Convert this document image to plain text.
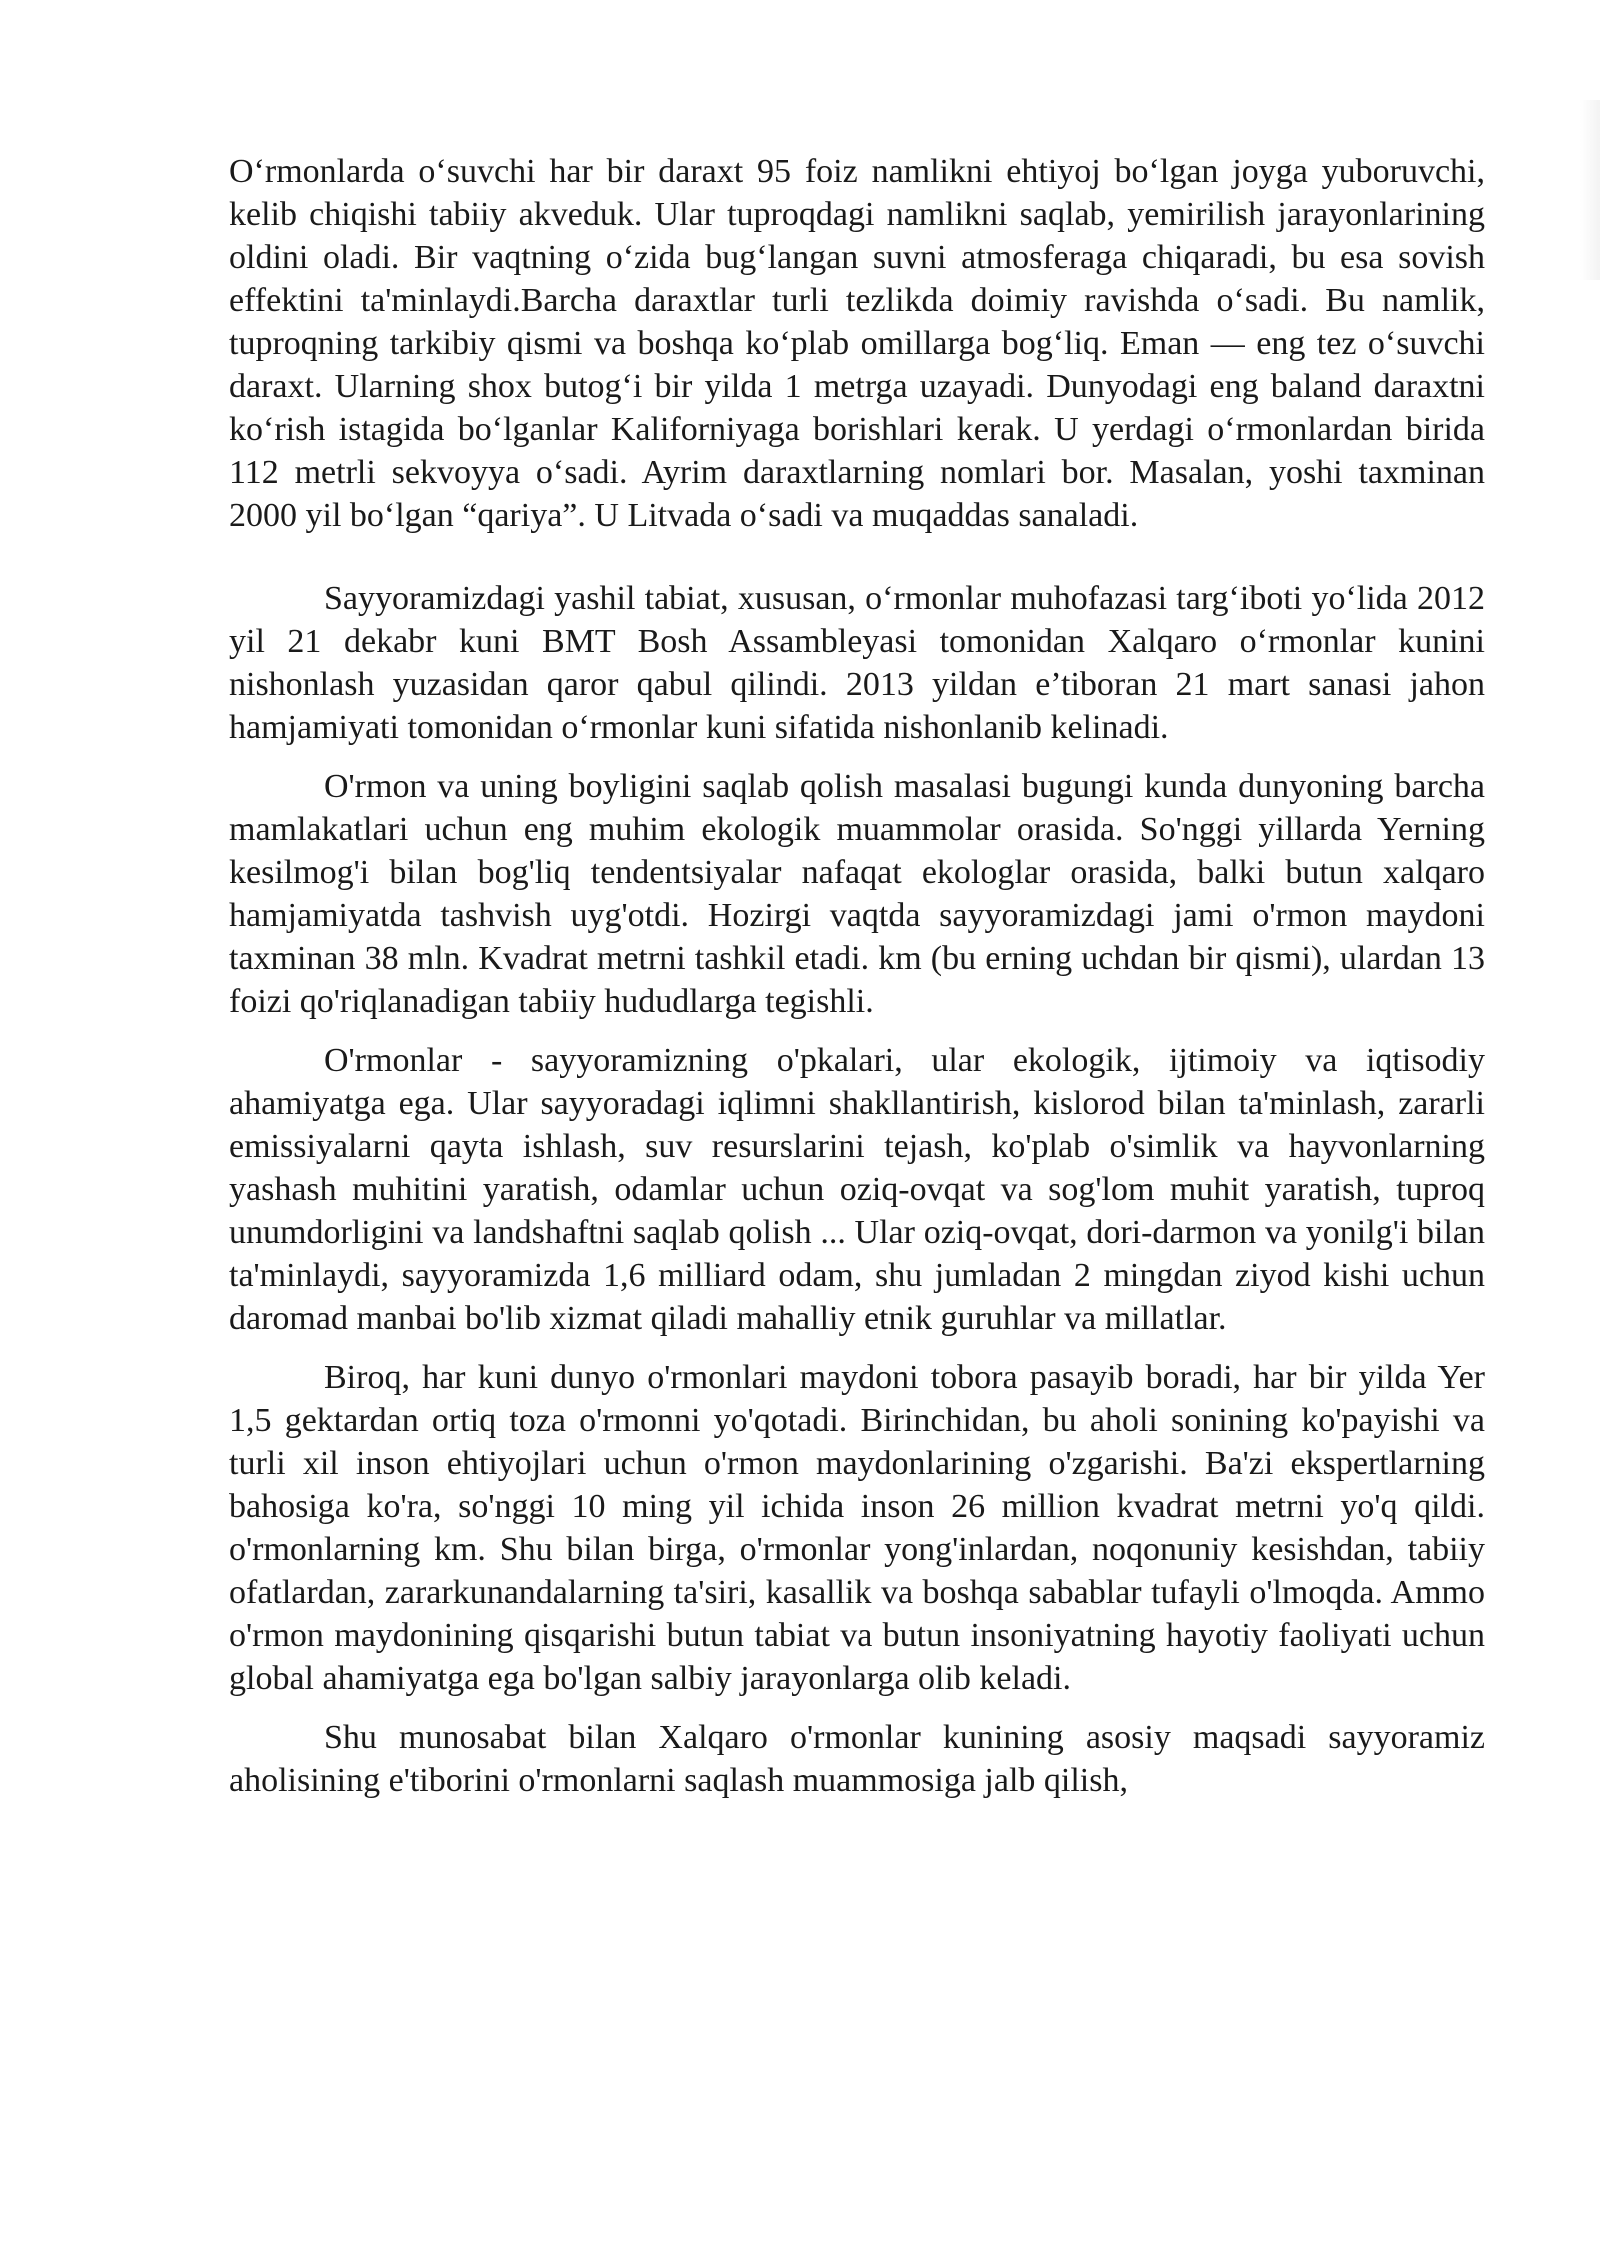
O‘rmonlarda o‘suvchi har bir daraxt 95 foiz namlikni ehtiyoj bo‘lgan joyga yuboruvchi, kelib chiqishi tabiiy akveduk. Ular tuproqdagi namlikni saqlab, yemirilish jarayonlarining oldini oladi. Bir vaqtning o‘zida bug‘langan suvni atmosferaga chiqaradi, bu esa sovish effektini ta'minlaydi.Barcha daraxtlar turli tezlikda doimiy ravishda o‘sadi. Bu namlik, tuproqning tarkibiy qismi va boshqa ko‘plab omillarga bog‘liq. Eman — eng tez o‘suvchi daraxt. Ularning shox butog‘i bir yilda 1 metrga uzayadi. Dunyodagi eng baland daraxtni ko‘rish istagida bo‘lganlar Kaliforniyaga borishlari kerak. U yerdagi o‘rmonlardan birida 112 metrli sekvoyya o‘sadi. Ayrim daraxtlarning nomlari bor. Masalan, yoshi taxminan 2000 yil bo‘lgan “qariya”. U Litvada o‘sadi va muqaddas sanaladi.

Sayyoramizdagi yashil tabiat, xususan, o‘rmonlar muhofazasi targ‘iboti yo‘lida 2012 yil 21 dekabr kuni BMT Bosh Assambleyasi tomonidan Xalqaro o‘rmonlar kunini nishonlash yuzasidan qaror qabul qilindi. 2013 yildan e’tiboran 21 mart sanasi jahon hamjamiyati tomonidan o‘rmonlar kuni sifatida nishonlanib kelinadi.

O'rmon va uning boyligini saqlab qolish masalasi bugungi kunda dunyoning barcha mamlakatlari uchun eng muhim ekologik muammolar orasida. So'nggi yillarda Yerning kesilmog'i bilan bog'liq tendentsiyalar nafaqat ekologlar orasida, balki butun xalqaro hamjamiyatda tashvish uyg'otdi. Hozirgi vaqtda sayyoramizdagi jami o'rmon maydoni taxminan 38 mln. Kvadrat metrni tashkil etadi. km (bu erning uchdan bir qismi), ulardan 13 foizi qo'riqlanadigan tabiiy hududlarga tegishli.

O'rmonlar - sayyoramizning o'pkalari, ular ekologik, ijtimoiy va iqtisodiy ahamiyatga ega. Ular sayyoradagi iqlimni shakllantirish, kislorod bilan ta'minlash, zararli emissiyalarni qayta ishlash, suv resurslarini tejash, ko'plab o'simlik va hayvonlarning yashash muhitini yaratish, odamlar uchun oziq-ovqat va sog'lom muhit yaratish, tuproq unumdorligini va landshaftni saqlab qolish ... Ular oziq-ovqat, dori-darmon va yonilg'i bilan ta'minlaydi, sayyoramizda 1,6 milliard odam, shu jumladan 2 mingdan ziyod kishi uchun daromad manbai bo'lib xizmat qiladi mahalliy etnik guruhlar va millatlar.

Biroq, har kuni dunyo o'rmonlari maydoni tobora pasayib boradi, har bir yilda Yer 1,5 gektardan ortiq toza o'rmonni yo'qotadi. Birinchidan, bu aholi sonining ko'payishi va turli xil inson ehtiyojlari uchun o'rmon maydonlarining o'zgarishi. Ba'zi ekspertlarning bahosiga ko'ra, so'nggi 10 ming yil ichida inson 26 million kvadrat metrni yo'q qildi. o'rmonlarning km. Shu bilan birga, o'rmonlar yong'inlardan, noqonuniy kesishdan, tabiiy ofatlardan, zararkunandalarning ta'siri, kasallik va boshqa sabablar tufayli o'lmoqda. Ammo o'rmon maydonining qisqarishi butun tabiat va butun insoniyatning hayotiy faoliyati uchun global ahamiyatga ega bo'lgan salbiy jarayonlarga olib keladi.

Shu munosabat bilan Xalqaro o'rmonlar kunining asosiy maqsadi sayyoramiz aholisining e'tiborini o'rmonlarni saqlash muammosiga jalb qilish,
